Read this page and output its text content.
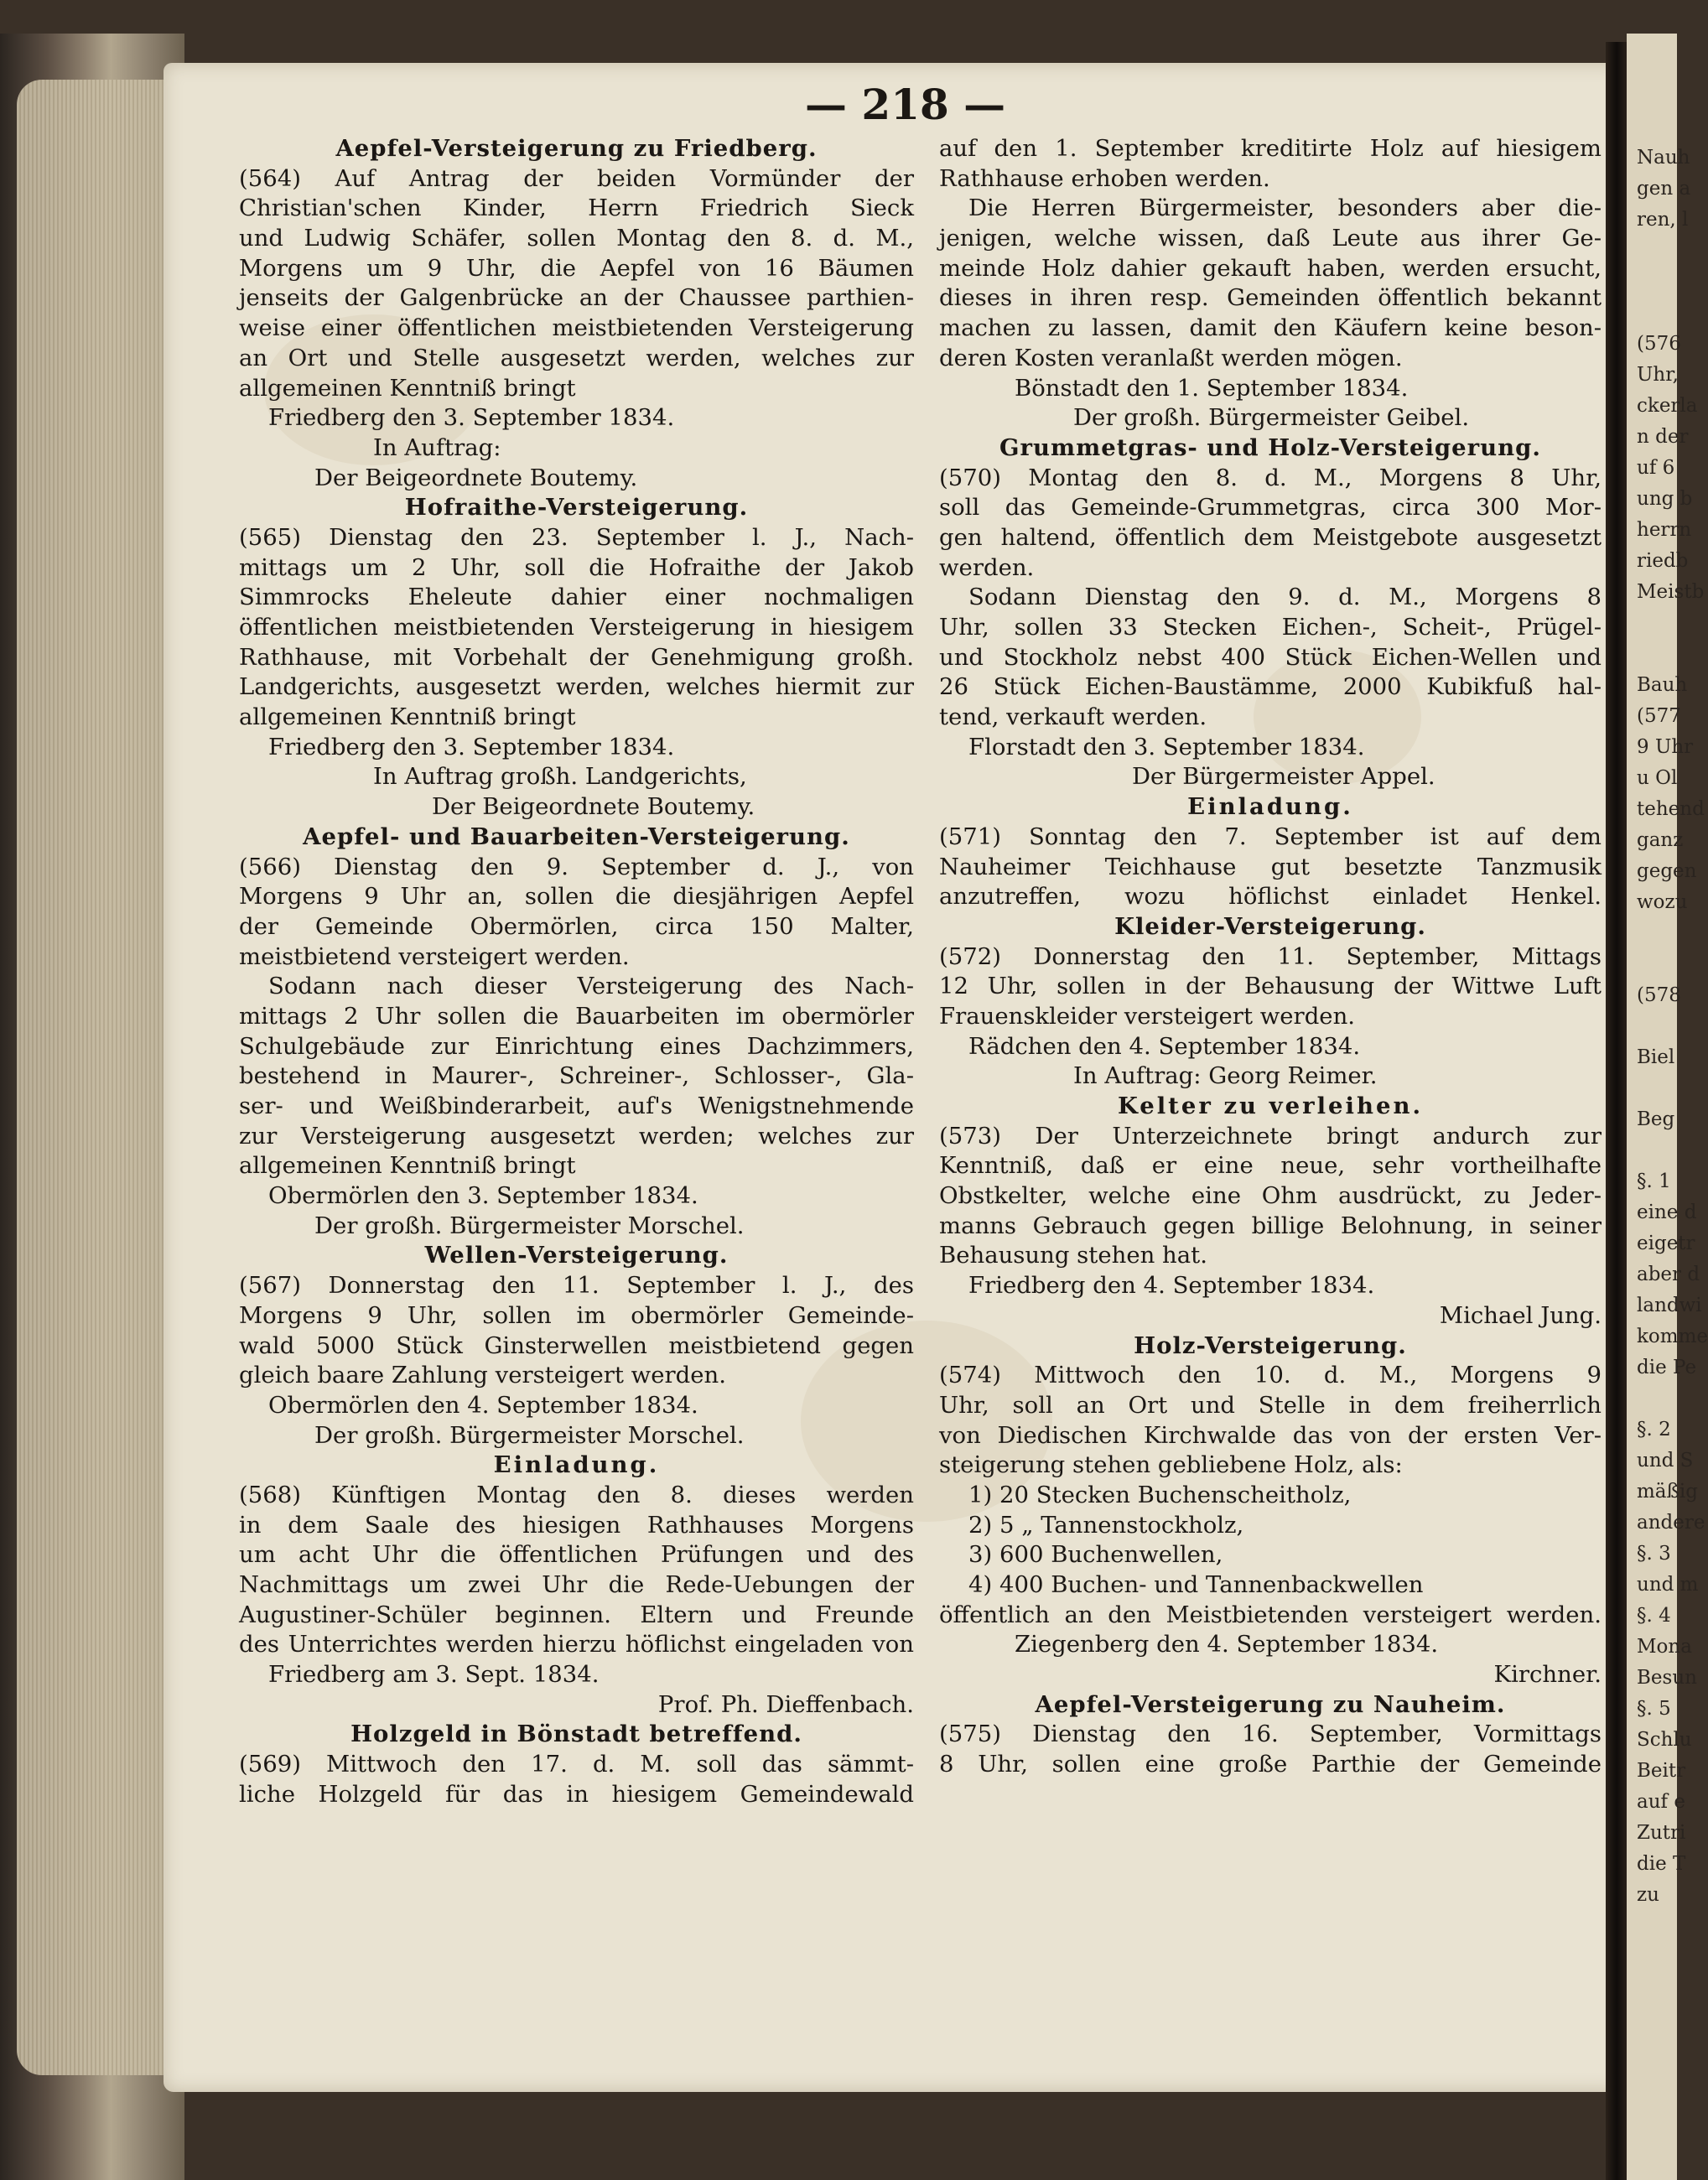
Nauh
gen a
ren, l

(576
Uhr,
ckerla
n der
uf 6
ung b
herrn
riedb
Meistb

Bauh
(577
9 Uhr
u Ol
tehend
ganz
gegen
wozu

(578

Biel

Beg

§. 1
eine d
eigetr
aber d
landwi
komme
die Pe

§. 2
und S
mäßig
andere
§. 3
und m
§. 4
Mona
Besun
§. 5
Schlu
Beitr
auf e
Zutri
die T
zu
— 218 —
Aepfel-Versteigerung zu Friedberg.
(564) Auf Antrag der beiden Vormünder der
Christian'schen Kinder, Herrn Friedrich Sieck
und Ludwig Schäfer, sollen Montag den 8. d. M.,
Morgens um 9 Uhr, die Aepfel von 16 Bäumen
jenseits der Galgenbrücke an der Chaussee parthien-
weise einer öffentlichen meistbietenden Versteigerung
an Ort und Stelle ausgesetzt werden, welches zur
allgemeinen Kenntniß bringt
Friedberg den 3. September 1834.
In Auftrag:
Der Beigeordnete Boutemy.
Hofraithe-Versteigerung.
(565) Dienstag den 23. September l. J., Nach-
mittags um 2 Uhr, soll die Hofraithe der Jakob
Simmrocks Eheleute dahier einer nochmaligen
öffentlichen meistbietenden Versteigerung in hiesigem
Rathhause, mit Vorbehalt der Genehmigung großh.
Landgerichts, ausgesetzt werden, welches hiermit zur
allgemeinen Kenntniß bringt
Friedberg den 3. September 1834.
In Auftrag großh. Landgerichts,
Der Beigeordnete Boutemy.
Aepfel- und Bauarbeiten-Versteigerung.
(566) Dienstag den 9. September d. J., von
Morgens 9 Uhr an, sollen die diesjährigen Aepfel
der Gemeinde Obermörlen, circa 150 Malter,
meistbietend versteigert werden.
Sodann nach dieser Versteigerung des Nach-
mittags 2 Uhr sollen die Bauarbeiten im obermörler
Schulgebäude zur Einrichtung eines Dachzimmers,
bestehend in Maurer-, Schreiner-, Schlosser-, Gla-
ser- und Weißbinderarbeit, auf's Wenigstnehmende
zur Versteigerung ausgesetzt werden; welches zur
allgemeinen Kenntniß bringt
Obermörlen den 3. September 1834.
Der großh. Bürgermeister Morschel.
Wellen-Versteigerung.
(567) Donnerstag den 11. September l. J., des
Morgens 9 Uhr, sollen im obermörler Gemeinde-
wald 5000 Stück Ginsterwellen meistbietend gegen
gleich baare Zahlung versteigert werden.
Obermörlen den 4. September 1834.
Der großh. Bürgermeister Morschel.
Einladung.
(568) Künftigen Montag den 8. dieses werden
in dem Saale des hiesigen Rathhauses Morgens
um acht Uhr die öffentlichen Prüfungen und des
Nachmittags um zwei Uhr die Rede-Uebungen der
Augustiner-Schüler beginnen. Eltern und Freunde
des Unterrichtes werden hierzu höflichst eingeladen von
Friedberg am 3. Sept. 1834.
Prof. Ph. Dieffenbach.
Holzgeld in Bönstadt betreffend.
(569) Mittwoch den 17. d. M. soll das sämmt-
liche Holzgeld für das in hiesigem Gemeindewald
auf den 1. September kreditirte Holz auf hiesigem
Rathhause erhoben werden.
Die Herren Bürgermeister, besonders aber die-
jenigen, welche wissen, daß Leute aus ihrer Ge-
meinde Holz dahier gekauft haben, werden ersucht,
dieses in ihren resp. Gemeinden öffentlich bekannt
machen zu lassen, damit den Käufern keine beson-
deren Kosten veranlaßt werden mögen.
Bönstadt den 1. September 1834.
Der großh. Bürgermeister Geibel.
Grummetgras- und Holz-Versteigerung.
(570) Montag den 8. d. M., Morgens 8 Uhr,
soll das Gemeinde-Grummetgras, circa 300 Mor-
gen haltend, öffentlich dem Meistgebote ausgesetzt
werden.
Sodann Dienstag den 9. d. M., Morgens 8
Uhr, sollen 33 Stecken Eichen-, Scheit-, Prügel-
und Stockholz nebst 400 Stück Eichen-Wellen und
26 Stück Eichen-Baustämme, 2000 Kubikfuß hal-
tend, verkauft werden.
Florstadt den 3. September 1834.
Der Bürgermeister Appel.
Einladung.
(571) Sonntag den 7. September ist auf dem
Nauheimer Teichhause gut besetzte Tanzmusik
anzutreffen, wozu höflichst einladet Henkel.
Kleider-Versteigerung.
(572) Donnerstag den 11. September, Mittags
12 Uhr, sollen in der Behausung der Wittwe Luft
Frauenskleider versteigert werden.
Rädchen den 4. September 1834.
In Auftrag: Georg Reimer.
Kelter zu verleihen.
(573) Der Unterzeichnete bringt andurch zur
Kenntniß, daß er eine neue, sehr vortheilhafte
Obstkelter, welche eine Ohm ausdrückt, zu Jeder-
manns Gebrauch gegen billige Belohnung, in seiner
Behausung stehen hat.
Friedberg den 4. September 1834.
Michael Jung.
Holz-Versteigerung.
(574) Mittwoch den 10. d. M., Morgens 9
Uhr, soll an Ort und Stelle in dem freiherrlich
von Diedischen Kirchwalde das von der ersten Ver-
steigerung stehen gebliebene Holz, als:
1) 20 Stecken Buchenscheitholz,
2) 5 „ Tannenstockholz,
3) 600 Buchenwellen,
4) 400 Buchen- und Tannenbackwellen
öffentlich an den Meistbietenden versteigert werden.
Ziegenberg den 4. September 1834.
Kirchner.
Aepfel-Versteigerung zu Nauheim.
(575) Dienstag den 16. September, Vormittags
8 Uhr, sollen eine große Parthie der Gemeinde
